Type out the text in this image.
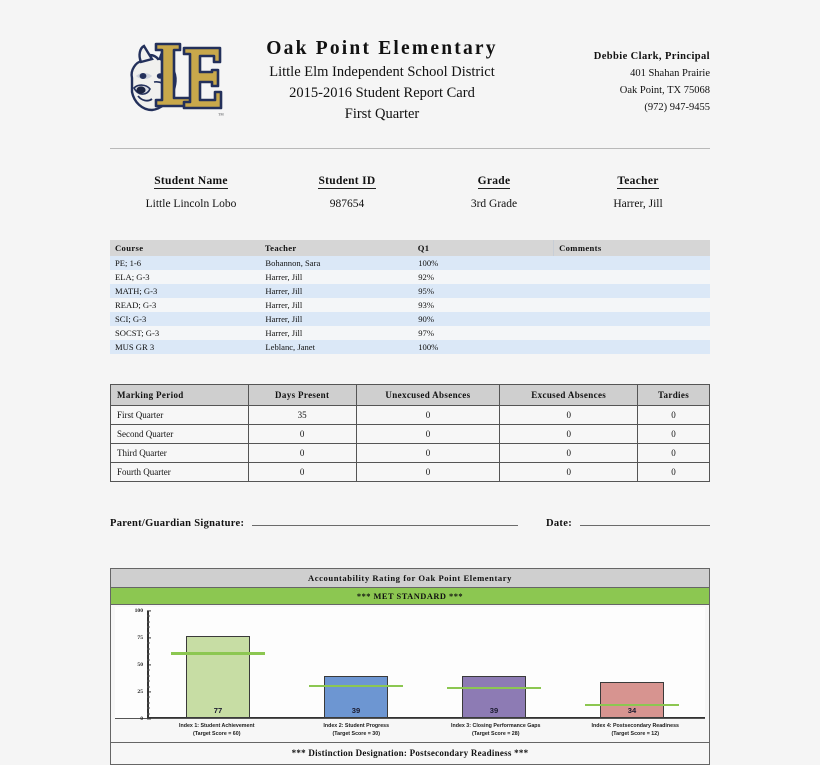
™
Oak Point Elementary
Little Elm Independent School District
2015-2016 Student Report Card
First Quarter
Debbie Clark, Principal
401 Shahan Prairie
Oak Point, TX 75068
(972) 947-9455
Student Name
Little Lincoln Lobo
Student ID
987654
Grade
3rd Grade
Teacher
Harrer, Jill
Course	Teacher	Q1	Comments
PE; 1-6	Bohannon, Sara	100%	
ELA; G-3	Harrer, Jill	92%	
MATH; G-3	Harrer, Jill	95%	
READ; G-3	Harrer, Jill	93%	
SCI; G-3	Harrer, Jill	90%	
SOCST; G-3	Harrer, Jill	97%	
MUS GR 3	Leblanc, Janet	100%	
Marking Period	Days Present	Unexcused Absences	Excused Absences	Tardies
First Quarter	35	0	0	0
Second Quarter	0	0	0	0
Third Quarter	0	0	0	0
Fourth Quarter	0	0	0	0
Parent/Guardian Signature:	Date:
Accountability Rating for Oak Point Elementary
*** MET STANDARD ***
0
25
50
75
100
77	39	39	34
Index 1: Student Achievement
(Target Score = 60)
Index 2: Student Progress
(Target Score = 30)
Index 3: Closing Performance Gaps
(Target Score = 28)
Index 4: Postsecondary Readiness
(Target Score = 12)
*** Distinction Designation: Postsecondary Readiness ***
